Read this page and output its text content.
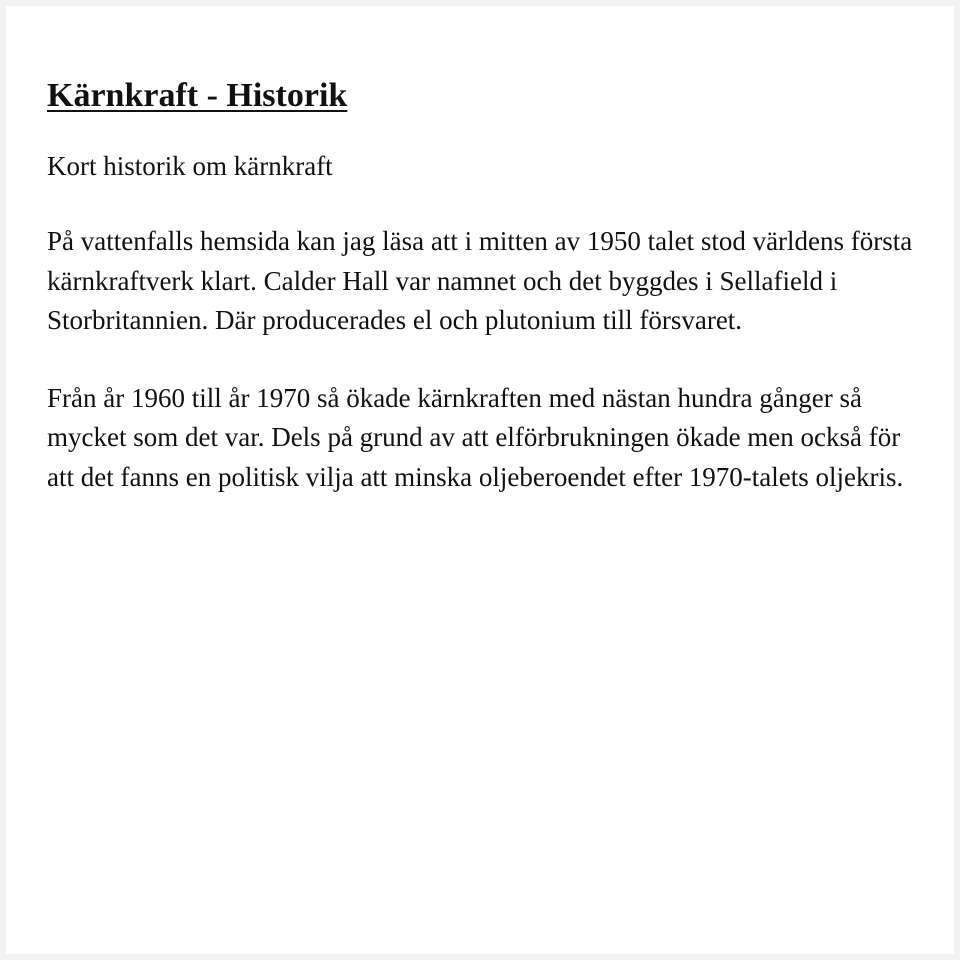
Kärnkraft - Historik

Kort historik om kärnkraft

På vattenfalls hemsida kan jag läsa att i mitten av 1950 talet stod världens första kärnkraftverk klart. Calder Hall var namnet och det byggdes i Sellafield i Storbritannien. Där producerades el och plutonium till försvaret.

Från år 1960 till år 1970 så ökade kärnkraften med nästan hundra gånger så mycket som det var. Dels på grund av att elförbrukningen ökade men också för att det fanns en politisk vilja att minska oljeberoendet efter 1970-talets oljekris.
